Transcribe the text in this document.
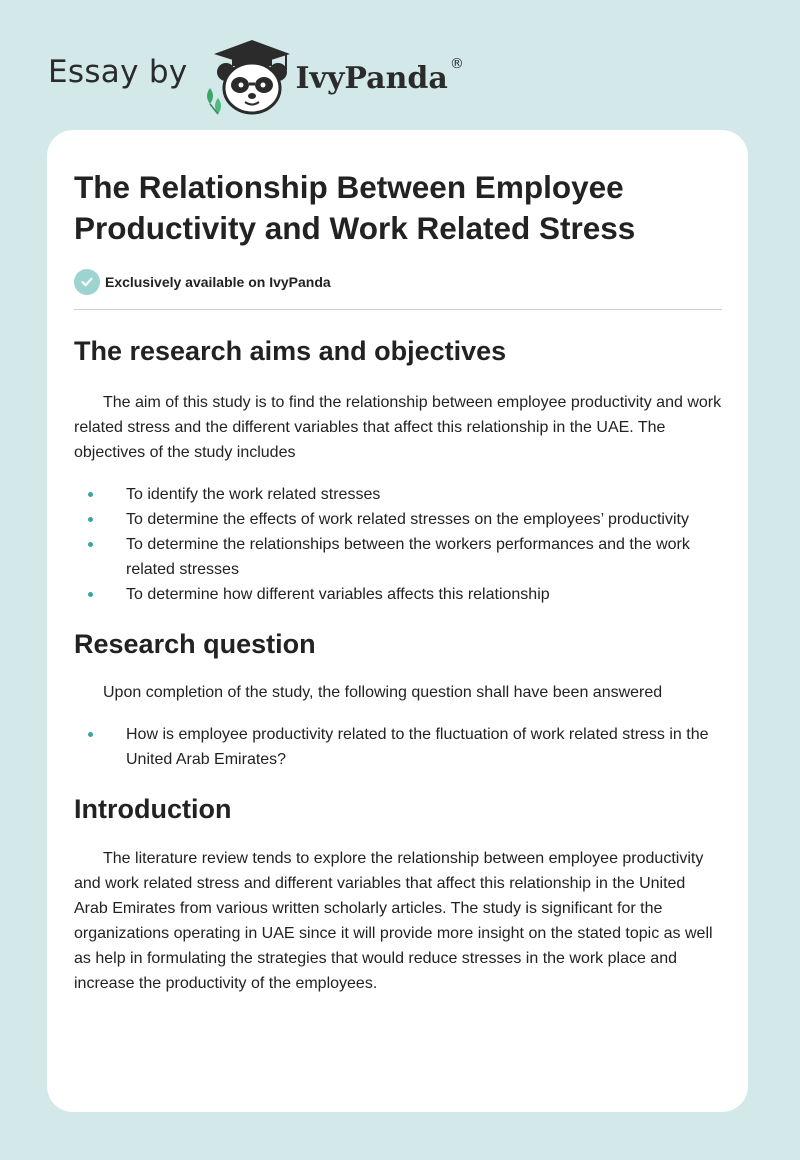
Essay by	IvyPanda ®
The Relationship Between Employee Productivity and Work Related Stress
Exclusively available on IvyPanda
The research aims and objectives

The aim of this study is to find the relationship between employee productivity and work related stress and the different variables that affect this relationship in the UAE. The objectives of the study includes

To identify the work related stresses
To determine the effects of work related stresses on the employees’ productivity
To determine the relationships between the workers performances and the work related stresses
To determine how different variables affects this relationship
Research question

Upon completion of the study, the following question shall have been answered

How is employee productivity related to the fluctuation of work related stress in the United Arab Emirates?
Introduction

The literature review tends to explore the relationship between employee productivity and work related stress and different variables that affect this relationship in the United Arab Emirates from various written scholarly articles. The study is significant for the organizations operating in UAE since it will provide more insight on the stated topic as well as help in formulating the strategies that would reduce stresses in the work place and increase the productivity of the employees.
